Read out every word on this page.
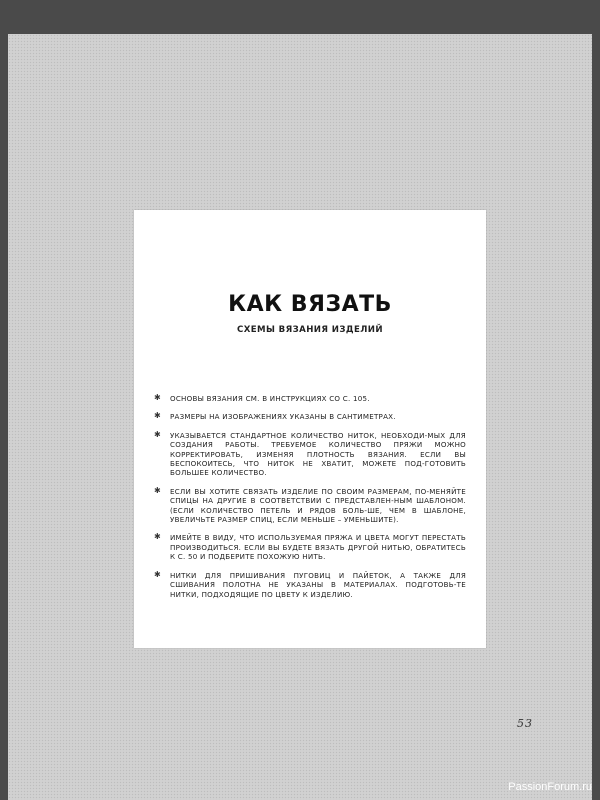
КАК ВЯЗАТЬ
СХЕМЫ ВЯЗАНИЯ ИЗДЕЛИЙ
✱ ОСНОВЫ ВЯЗАНИЯ СМ. В ИНСТРУКЦИЯХ СО С. 105.
✱ РАЗМЕРЫ НА ИЗОБРАЖЕНИЯХ УКАЗАНЫ В САНТИМЕТРАХ.
✱ УКАЗЫВАЕТСЯ СТАНДАРТНОЕ КОЛИЧЕСТВО НИТОК, НЕОБХОДИ-МЫХ ДЛЯ СОЗДАНИЯ РАБОТЫ. ТРЕБУЕМОЕ КОЛИЧЕСТВО ПРЯЖИ МОЖНО КОРРЕКТИРОВАТЬ, ИЗМЕНЯЯ ПЛОТНОСТЬ ВЯЗАНИЯ. ЕСЛИ ВЫ БЕСПОКОИТЕСЬ, ЧТО НИТОК НЕ ХВАТИТ, МОЖЕТЕ ПОД-ГОТОВИТЬ БОЛЬШЕЕ КОЛИЧЕСТВО.
✱ ЕСЛИ ВЫ ХОТИТЕ СВЯЗАТЬ ИЗДЕЛИЕ ПО СВОИМ РАЗМЕРАМ, ПО-МЕНЯЙТЕ СПИЦЫ НА ДРУГИЕ В СООТВЕТСТВИИ С ПРЕДСТАВЛЕН-НЫМ ШАБЛОНОМ. (ЕСЛИ КОЛИЧЕСТВО ПЕТЕЛЬ И РЯДОВ БОЛЬ-ШЕ, ЧЕМ В ШАБЛОНЕ, УВЕЛИЧЬТЕ РАЗМЕР СПИЦ, ЕСЛИ МЕНЬШЕ – УМЕНЬШИТЕ).
✱ ИМЕЙТЕ В ВИДУ, ЧТО ИСПОЛЬЗУЕМАЯ ПРЯЖА И ЦВЕТА МОГУТ ПЕРЕСТАТЬ ПРОИЗВОДИТЬСЯ. ЕСЛИ ВЫ БУДЕТЕ ВЯЗАТЬ ДРУГОЙ НИТЬЮ, ОБРАТИТЕСЬ К С. 50 И ПОДБЕРИТЕ ПОХОЖУЮ НИТЬ.
✱ НИТКИ ДЛЯ ПРИШИВАНИЯ ПУГОВИЦ И ПАЙЕТОК, А ТАКЖЕ ДЛЯ СШИВАНИЯ ПОЛОТНА НЕ УКАЗАНЫ В МАТЕРИАЛАХ. ПОДГОТОВЬ-ТЕ НИТКИ, ПОДХОДЯЩИЕ ПО ЦВЕТУ К ИЗДЕЛИЮ.
53
PassionForum.ru
